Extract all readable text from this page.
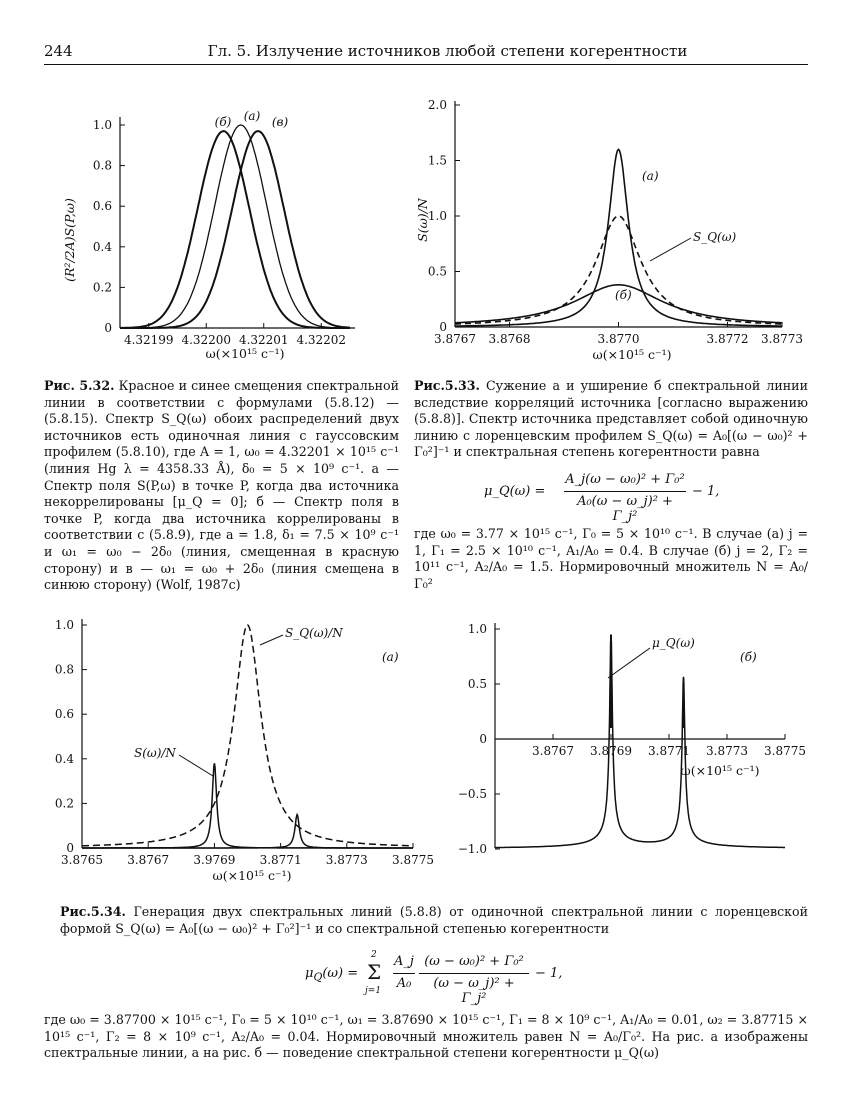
244	Гл. 5. Излучение источников любой степени когерентности
0
0.2
0.4
0.6
0.8
1.0
4.32199 4.32200 4.32201 4.32202
(R²/2A)S(P,ω)
ω(×10¹⁵ с⁻¹)
(б) (а) (в)
0
0.5
1.0
1.5
2.0
3.8767 3.8768	3.8770	3.8772 3.8773
S(ω)/N
ω(×10¹⁵ с⁻¹)
(а)
(б)
S_Q(ω)
Рис. 5.32. Красное и синее смещения спектральной линии в соответствии с формулами (5.8.12) — (5.8.15). Спектр S_Q(ω) обоих распределений двух источников есть одиночная линия с гауссовским профилем (5.8.10), где A = 1, ω₀ = 4.32201 × 10¹⁵ с⁻¹ (линия Hg λ = 4358.33 Å), δ₀ = 5 × 10⁹ с⁻¹. а — Спектр поля S(P,ω) в точке P, когда два источника некоррелированы [μ_Q = 0]; б — Спектр поля в точке P, когда два источника коррелированы в соответствии с (5.8.9), где a = 1.8, δ₁ = 7.5 × 10⁹ с⁻¹ и ω₁ = ω₀ − 2δ₀ (линия, смещенная в красную сторону) и в — ω₁ = ω₀ + 2δ₀ (линия смещена в синюю сторону) (Wolf, 1987c)
Рис.5.33. Сужение а и уширение б спектральной линии вследствие корреляций источника [согласно выражению (5.8.8)]. Спектр источника представляет собой одиночную линию с лоренцевским профилем S_Q(ω) = A₀[(ω − ω₀)² + Γ₀²]⁻¹ и спектральная степень когерентности равна
μ_Q(ω) =
A_j(ω − ω₀)² + Γ₀²
A₀(ω − ω_j)² + Γ_j²
− 1,
где ω₀ = 3.77 × 10¹⁵ с⁻¹, Γ₀ = 5 × 10¹⁰ с⁻¹. В случае (а) j = 1, Γ₁ = 2.5 × 10¹⁰ с⁻¹, A₁/A₀ = 0.4. В случае (б) j = 2, Γ₂ = 10¹¹ с⁻¹, A₂/A₀ = 1.5. Нормировочный множитель N = A₀/Γ₀²
0
0.2
0.4
0.6
0.8
1.0
3.8765 3.8767 3.9769 3.8771 3.8773 3.8775
(а)
S_Q(ω)/N
S(ω)/N
ω(×10¹⁵ с⁻¹)
1.0
0.5
0
−0.5
−1.0
3.8767 3.8769 3.8771 3.8773 3.8775
(б)
μ_Q(ω)
ω(×10¹⁵ с⁻¹)
Рис.5.34. Генерация двух спектральных линий (5.8.8) от одиночной спектральной линии с лоренцевской формой S_Q(ω) = A₀[(ω − ω₀)² + Γ₀²]⁻¹ и со спектральной степенью когерентности
$\mu_Q(\omega) = \Sigma$
2
j=1
A_j
A₀
(ω − ω₀)² + Γ₀²
(ω − ω_j)² + Γ_j²
− 1,
где ω₀ = 3.87700 × 10¹⁵ с⁻¹, Γ₀ = 5 × 10¹⁰ с⁻¹, ω₁ = 3.87690 × 10¹⁵ с⁻¹, Γ₁ = 8 × 10⁹ с⁻¹, A₁/A₀ = 0.01, ω₂ = 3.87715 × 10¹⁵ с⁻¹, Γ₂ = 8 × 10⁹ с⁻¹, A₂/A₀ = 0.04. Нормировочный множитель равен N = A₀/Γ₀². На рис. а изображены спектральные линии, а на рис. б — поведение спектральной степени когерентности μ_Q(ω)
